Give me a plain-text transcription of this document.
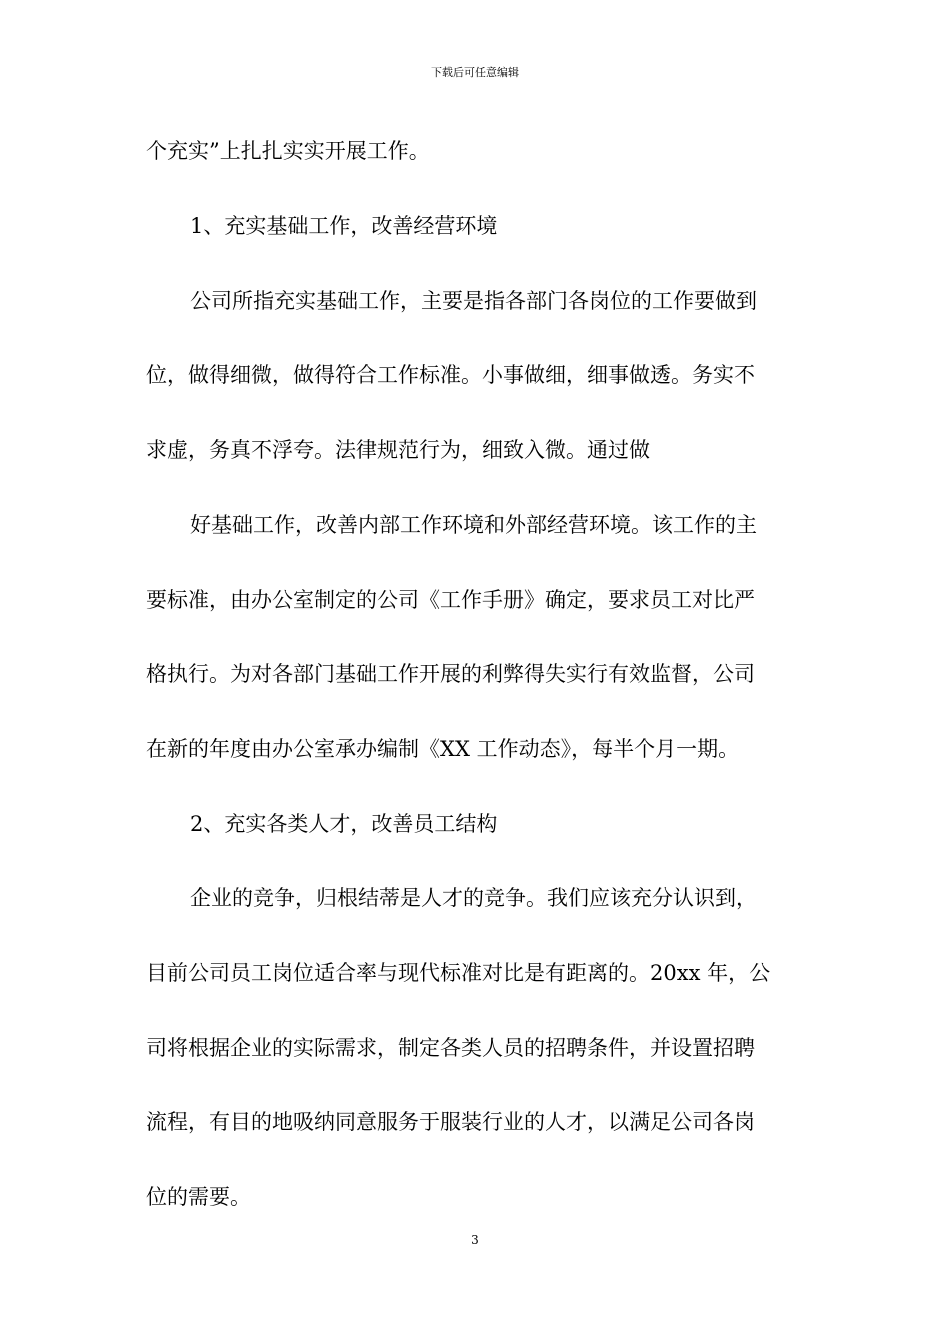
下载后可任意编辑
个充实”上扎扎实实开展工作。
1、充实基础工作，改善经营环境
公司所指充实基础工作，主要是指各部门各岗位的工作要做到
位，做得细微，做得符合工作标准。小事做细，细事做透。务实不
求虚，务真不浮夸。法律规范行为，细致入微。通过做
好基础工作，改善内部工作环境和外部经营环境。该工作的主
要标准，由办公室制定的公司《工作手册》确定，要求员工对比严
格执行。为对各部门基础工作开展的利弊得失实行有效监督，公司
在新的年度由办公室承办编制《XX 工作动态》，每半个月一期。
2、充实各类人才，改善员工结构
企业的竞争，归根结蒂是人才的竞争。我们应该充分认识到，
目前公司员工岗位适合率与现代标准对比是有距离的。20xx 年，公
司将根据企业的实际需求，制定各类人员的招聘条件，并设置招聘
流程，有目的地吸纳同意服务于服装行业的人才，以满足公司各岗
位的需要。
3
